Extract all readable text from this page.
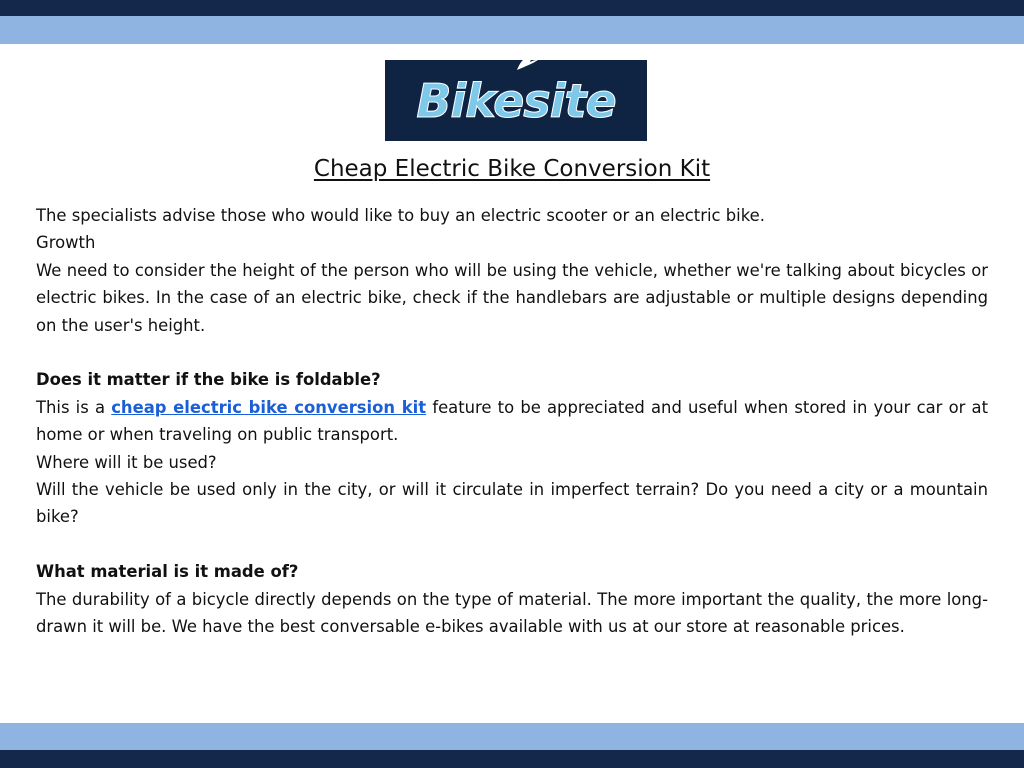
Bikesite
Cheap Electric Bike Conversion Kit

The specialists advise those who would like to buy an electric scooter or an electric bike.

Growth

We need to consider the height of the person who will be using the vehicle, whether we're talking about bicycles or electric bikes. In the case of an electric bike, check if the handlebars are adjustable or multiple designs depending on the user's height.

Does it matter if the bike is foldable?

This is a cheap electric bike conversion kit feature to be appreciated and useful when stored in your car or at home or when traveling on public transport.

Where will it be used?

Will the vehicle be used only in the city, or will it circulate in imperfect terrain? Do you need a city or a mountain bike?

What material is it made of?

The durability of a bicycle directly depends on the type of material. The more important the quality, the more long-drawn it will be. We have the best conversable e-bikes available with us at our store at reasonable prices.
